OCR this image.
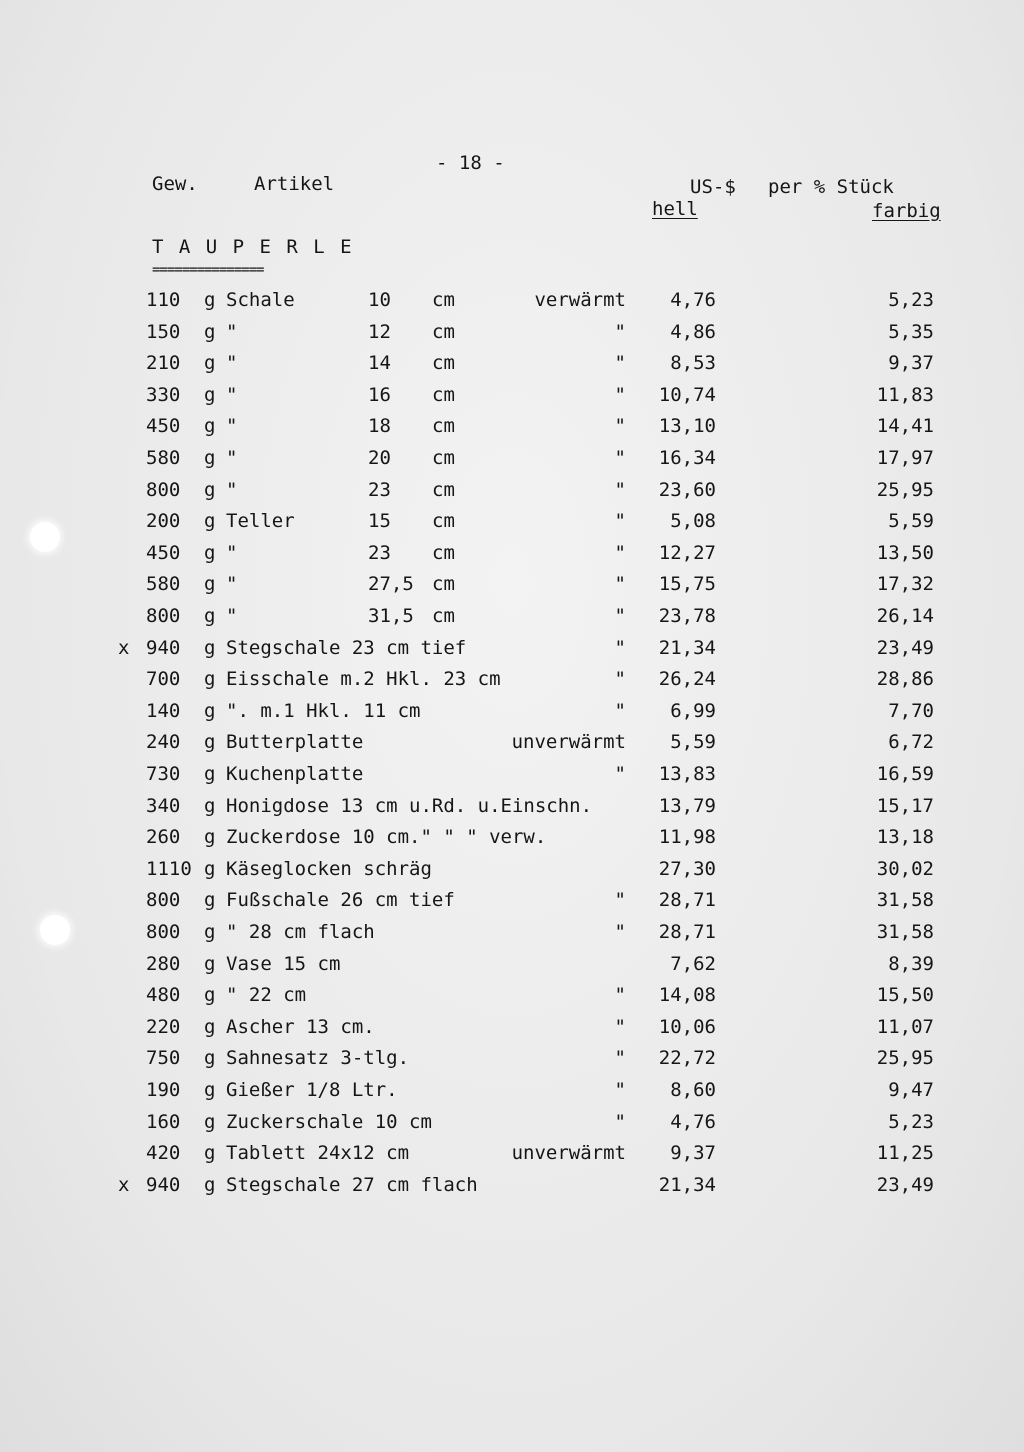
- 18 -
Gew.	Artikel	US-$ per % Stück
hell	farbig
T A U P E R L E
===============
110 g Schale	10 cm	verwärmt 4,76	5,23
150 g "	12 cm	" 4,86	5,35
210 g "	14 cm	" 8,53	9,37
330 g "	16 cm	" 10,74	11,83
450 g "	18 cm	" 13,10	14,41
580 g "	20 cm	" 16,34	17,97
800 g "	23 cm	" 23,60	25,95
200 g Teller	15 cm	" 5,08	5,59
450 g "	23 cm	" 12,27	13,50
580 g "	27,5 cm	" 15,75	17,32
800 g "	31,5 cm	" 23,78	26,14
x 940 g Stegschale 23 cm tief	" 21,34	23,49
700 g Eisschale m.2 Hkl. 23 cm	" 26,24	28,86
140 g ". m.1 Hkl. 11 cm	" 6,99	7,70
240 g Butterplatte	unverwärmt 5,59	6,72
730 g Kuchenplatte	" 13,83	16,59
340 g Honigdose 13 cm u.Rd. u.Einschn.	13,79	15,17
260 g Zuckerdose 10 cm." " " verw.	11,98	13,18
1110 g Käseglocken schräg	27,30	30,02
800 g Fußschale 26 cm tief	" 28,71	31,58
800 g " 28 cm flach	" 28,71	31,58
280 g Vase 15 cm	7,62	8,39
480 g " 22 cm	" 14,08	15,50
220 g Ascher 13 cm.	" 10,06	11,07
750 g Sahnesatz 3-tlg.	" 22,72	25,95
190 g Gießer 1/8 Ltr.	" 8,60	9,47
160 g Zuckerschale 10 cm	" 4,76	5,23
420 g Tablett 24x12 cm	unverwärmt 9,37	11,25
x 940 g Stegschale 27 cm flach	21,34	23,49
